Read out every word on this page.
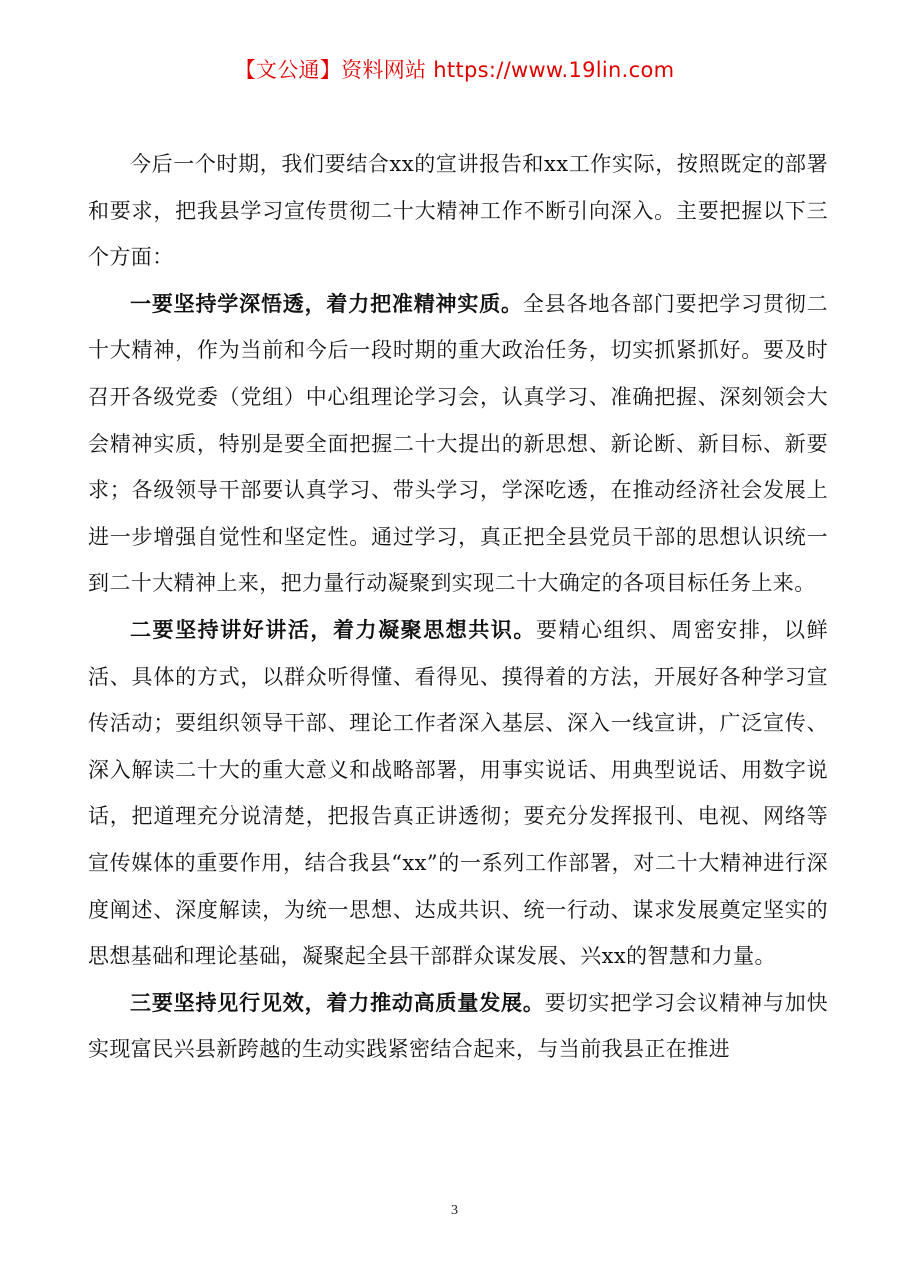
【文公通】资料网站 https://www.19lin.com

今后一个时期，我们要结合xx的宣讲报告和xx工作实际，按照既定的部署和要求，把我县学习宣传贯彻二十大精神工作不断引向深入。主要把握以下三个方面：

一要坚持学深悟透，着力把准精神实质。全县各地各部门要把学习贯彻二十大精神，作为当前和今后一段时期的重大政治任务，切实抓紧抓好。要及时召开各级党委（党组）中心组理论学习会，认真学习、准确把握、深刻领会大会精神实质，特别是要全面把握二十大提出的新思想、新论断、新目标、新要求；各级领导干部要认真学习、带头学习，学深吃透，在推动经济社会发展上进一步增强自觉性和坚定性。通过学习，真正把全县党员干部的思想认识统一到二十大精神上来，把力量行动凝聚到实现二十大确定的各项目标任务上来。

二要坚持讲好讲活，着力凝聚思想共识。要精心组织、周密安排，以鲜活、具体的方式，以群众听得懂、看得见、摸得着的方法，开展好各种学习宣传活动；要组织领导干部、理论工作者深入基层、深入一线宣讲，广泛宣传、深入解读二十大的重大意义和战略部署，用事实说话、用典型说话、用数字说话，把道理充分说清楚，把报告真正讲透彻；要充分发挥报刊、电视、网络等宣传媒体的重要作用，结合我县“xx”的一系列工作部署，对二十大精神进行深度阐述、深度解读，为统一思想、达成共识、统一行动、谋求发展奠定坚实的思想基础和理论基础，凝聚起全县干部群众谋发展、兴xx的智慧和力量。

三要坚持见行见效，着力推动高质量发展。要切实把学习会议精神与加快实现富民兴县新跨越的生动实践紧密结合起来，与当前我县正在推进

3
